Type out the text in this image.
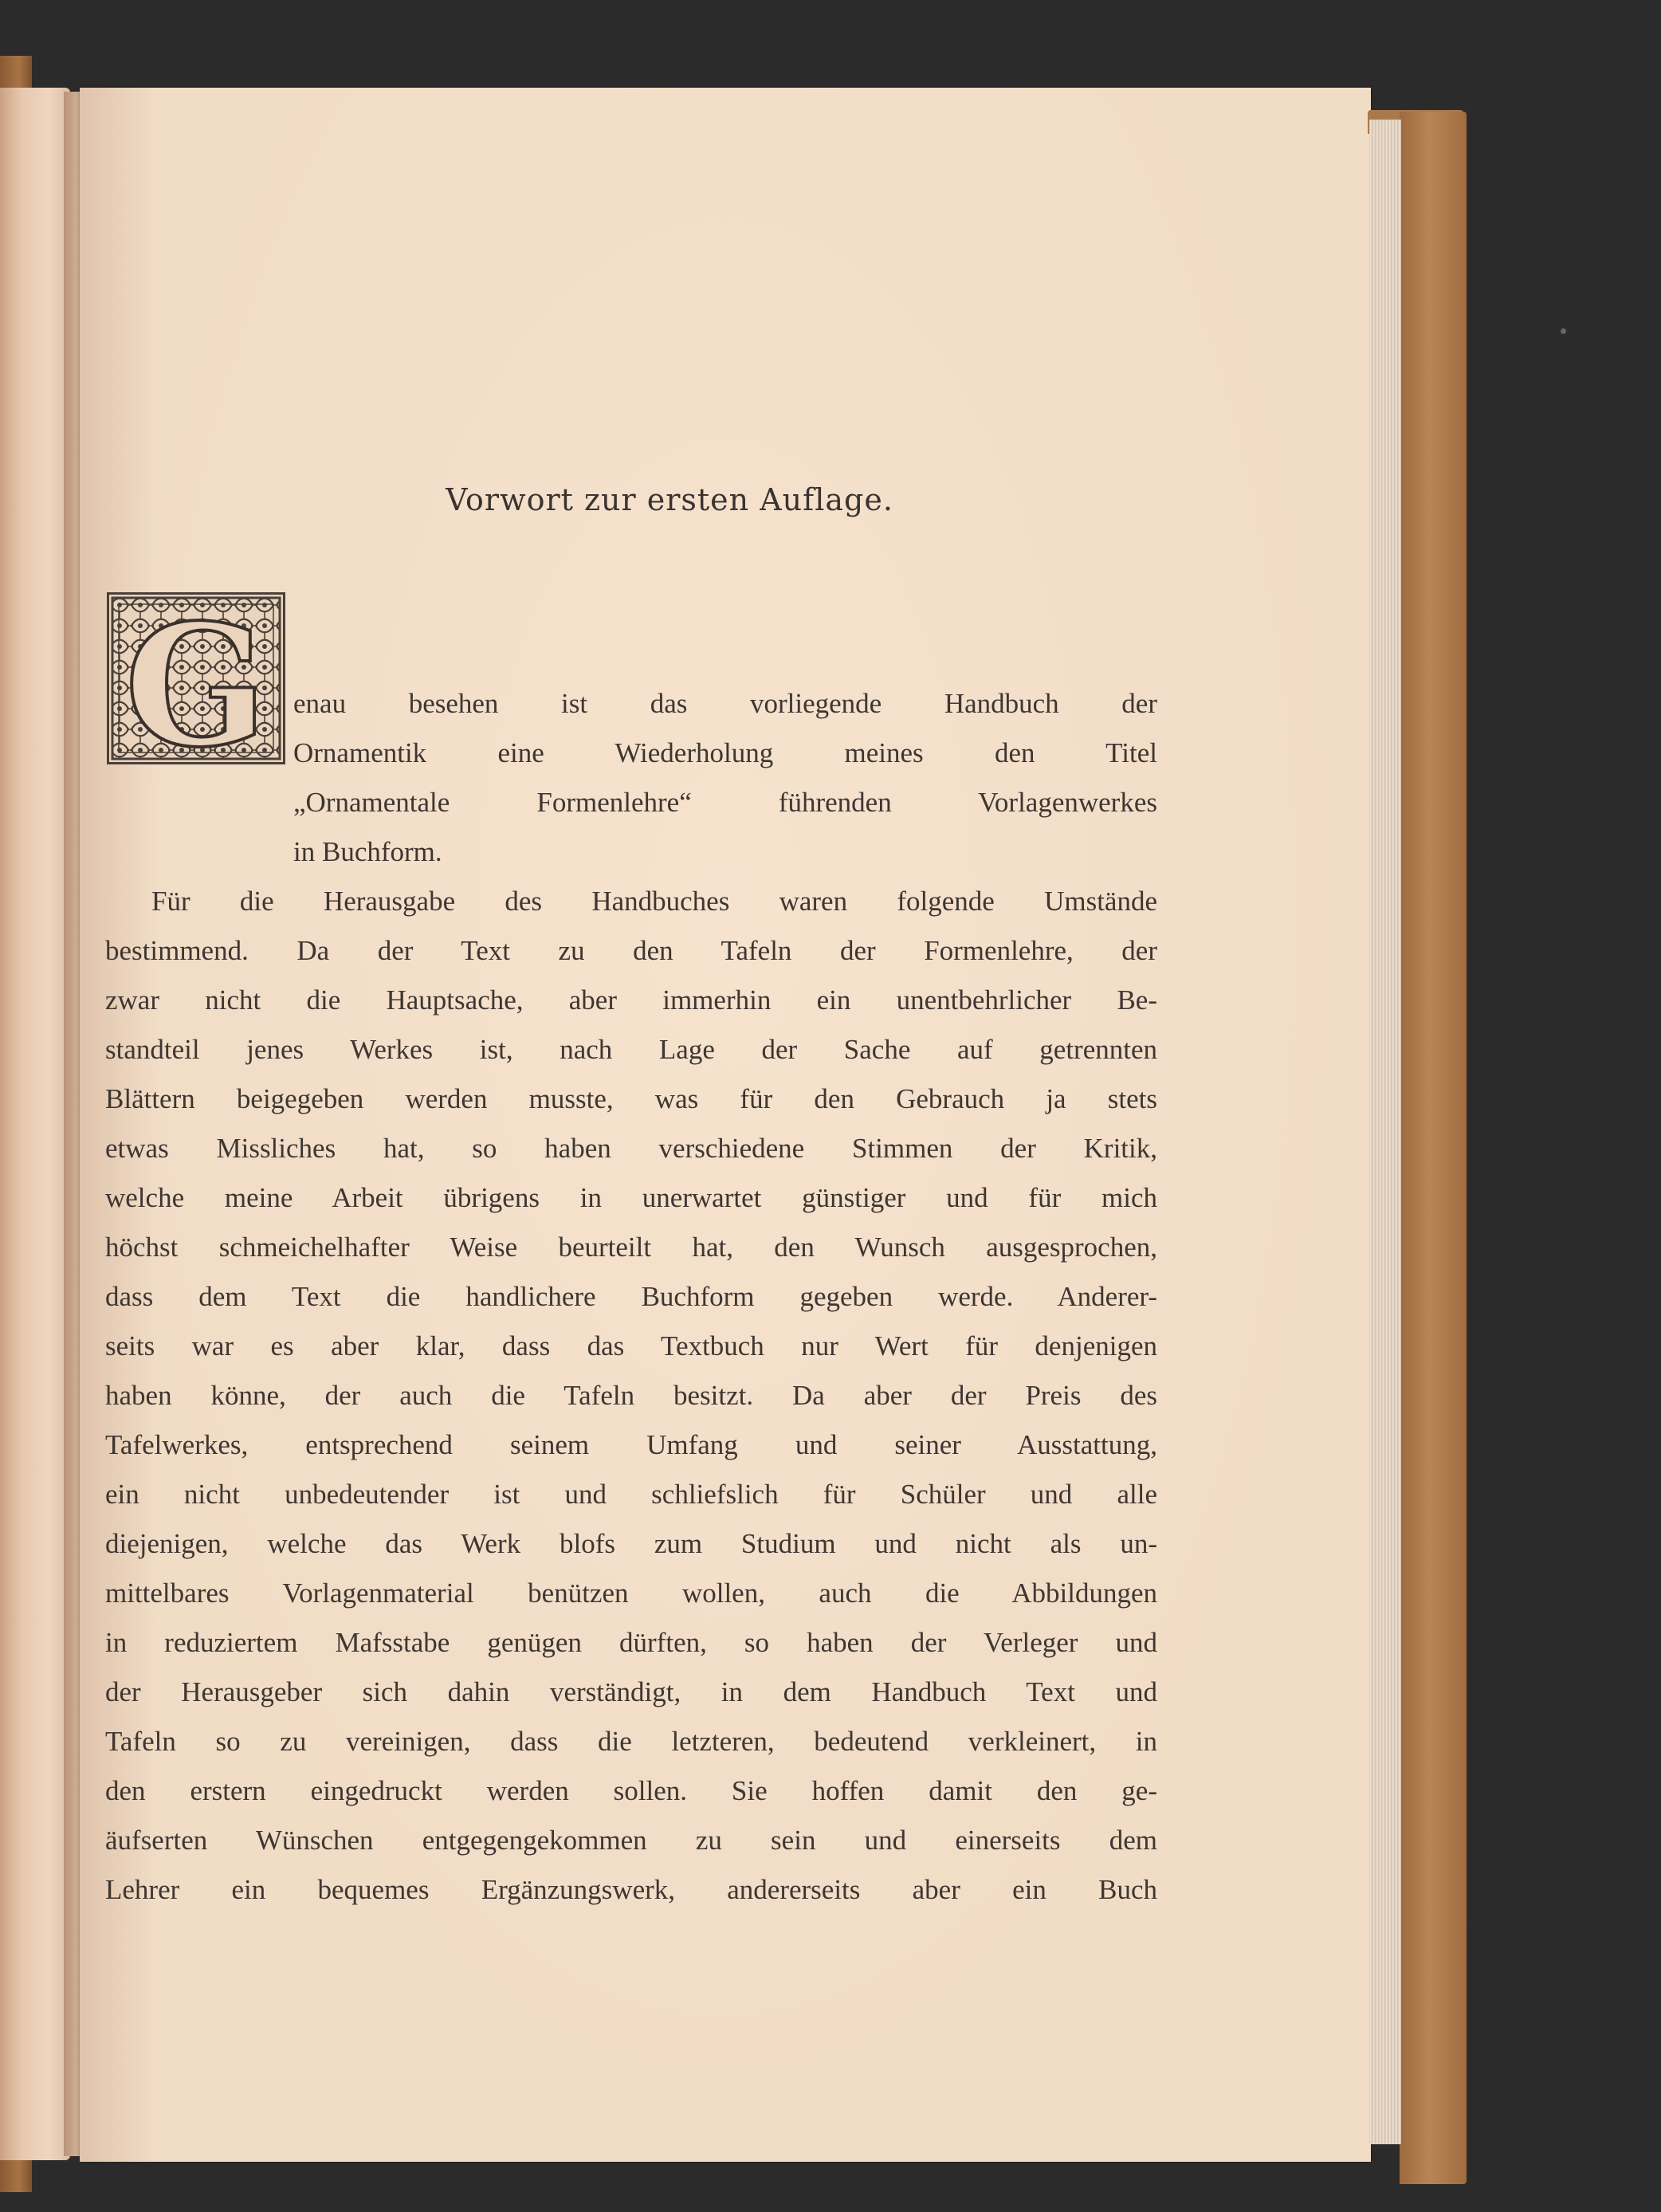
Vorwort zur ersten Auflage.
G enau besehen ist das vorliegende Handbuch der
Ornamentik eine Wiederholung meines den Titel
„Ornamentale Formenlehre“ führenden Vorlagenwerkes
in Buchform.
Für die Herausgabe des Handbuches waren folgende Umstände
bestimmend. Da der Text zu den Tafeln der Formenlehre, der
zwar nicht die Hauptsache, aber immerhin ein unentbehrlicher Be-
standteil jenes Werkes ist, nach Lage der Sache auf getrennten
Blättern beigegeben werden musste, was für den Gebrauch ja stets
etwas Missliches hat, so haben verschiedene Stimmen der Kritik,
welche meine Arbeit übrigens in unerwartet günstiger und für mich
höchst schmeichelhafter Weise beurteilt hat, den Wunsch ausgesprochen,
dass dem Text die handlichere Buchform gegeben werde. Anderer-
seits war es aber klar, dass das Textbuch nur Wert für denjenigen
haben könne, der auch die Tafeln besitzt. Da aber der Preis des
Tafelwerkes, entsprechend seinem Umfang und seiner Ausstattung,
ein nicht unbedeutender ist und schliefslich für Schüler und alle
diejenigen, welche das Werk blofs zum Studium und nicht als un-
mittelbares Vorlagenmaterial benützen wollen, auch die Abbildungen
in reduziertem Mafsstabe genügen dürften, so haben der Verleger und
der Herausgeber sich dahin verständigt, in dem Handbuch Text und
Tafeln so zu vereinigen, dass die letzteren, bedeutend verkleinert, in
den erstern eingedruckt werden sollen. Sie hoffen damit den ge-
äufserten Wünschen entgegengekommen zu sein und einerseits dem
Lehrer ein bequemes Ergänzungswerk, andererseits aber ein Buch
